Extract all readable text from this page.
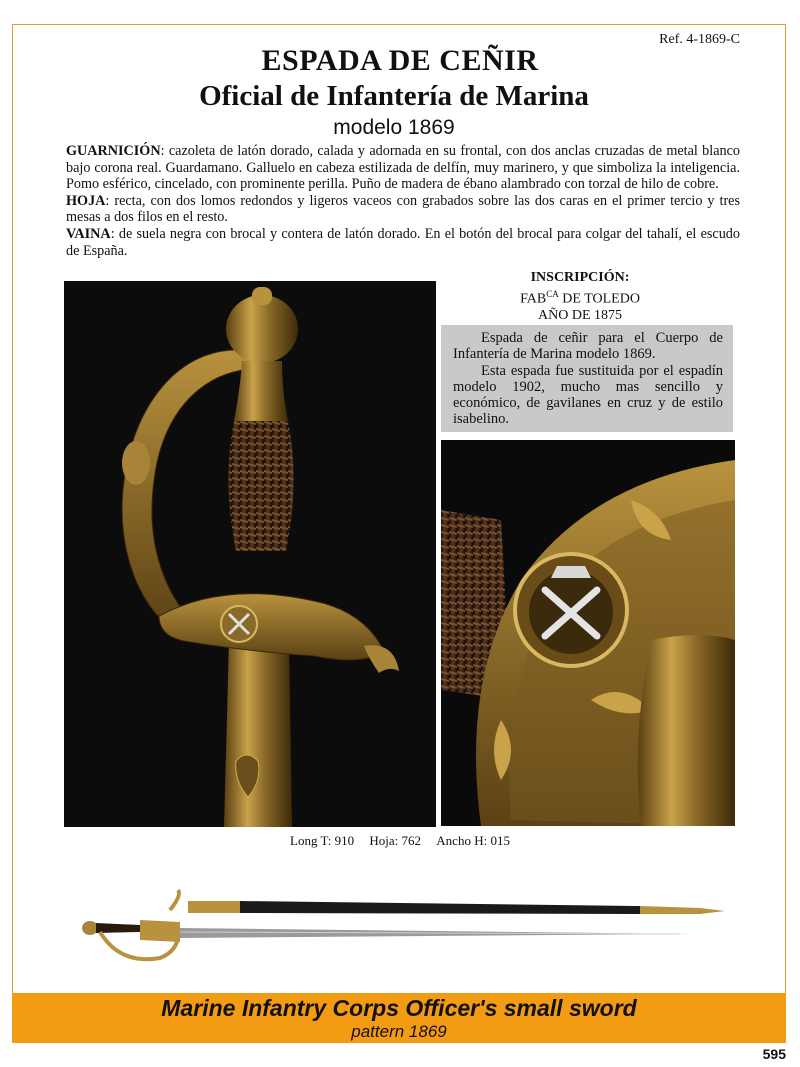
Ref. 4-1869-C
ESPADA DE CEÑIR
Oficial de Infantería de Marina
modelo 1869

GUARNICIÓN: cazoleta de latón dorado, calada y adornada en su frontal, con dos anclas cruzadas de metal blanco bajo corona real. Guardamano. Galluelo en cabeza estilizada de delfín, muy marinero, y que simboliza la inteligencia. Pomo esférico, cincelado, con prominente perilla. Puño de madera de ébano alambrado con torzal de hilo de cobre.

HOJA: recta, con dos lomos redondos y ligeros vaceos con grabados sobre las dos caras en el primer tercio y tres mesas a dos filos en el resto.

VAINA: de suela negra con brocal y contera de latón dorado. En el botón del brocal para colgar del tahalí, el escudo de España.

INSCRIPCIÓN:
$FAB^{CA}$ DE TOLEDO
AÑO DE 1875

Espada de ceñir para el Cuerpo de Infantería de Marina modelo 1869.

Esta espada fue sustituida por el espadín modelo 1902, mucho mas sencillo y económico, de gavilanes en cruz y de estilo isabelino.

Long T: 910 Hoja: 762 Ancho H: 015
Marine Infantry Corps Officer's small sword
pattern 1869
595
